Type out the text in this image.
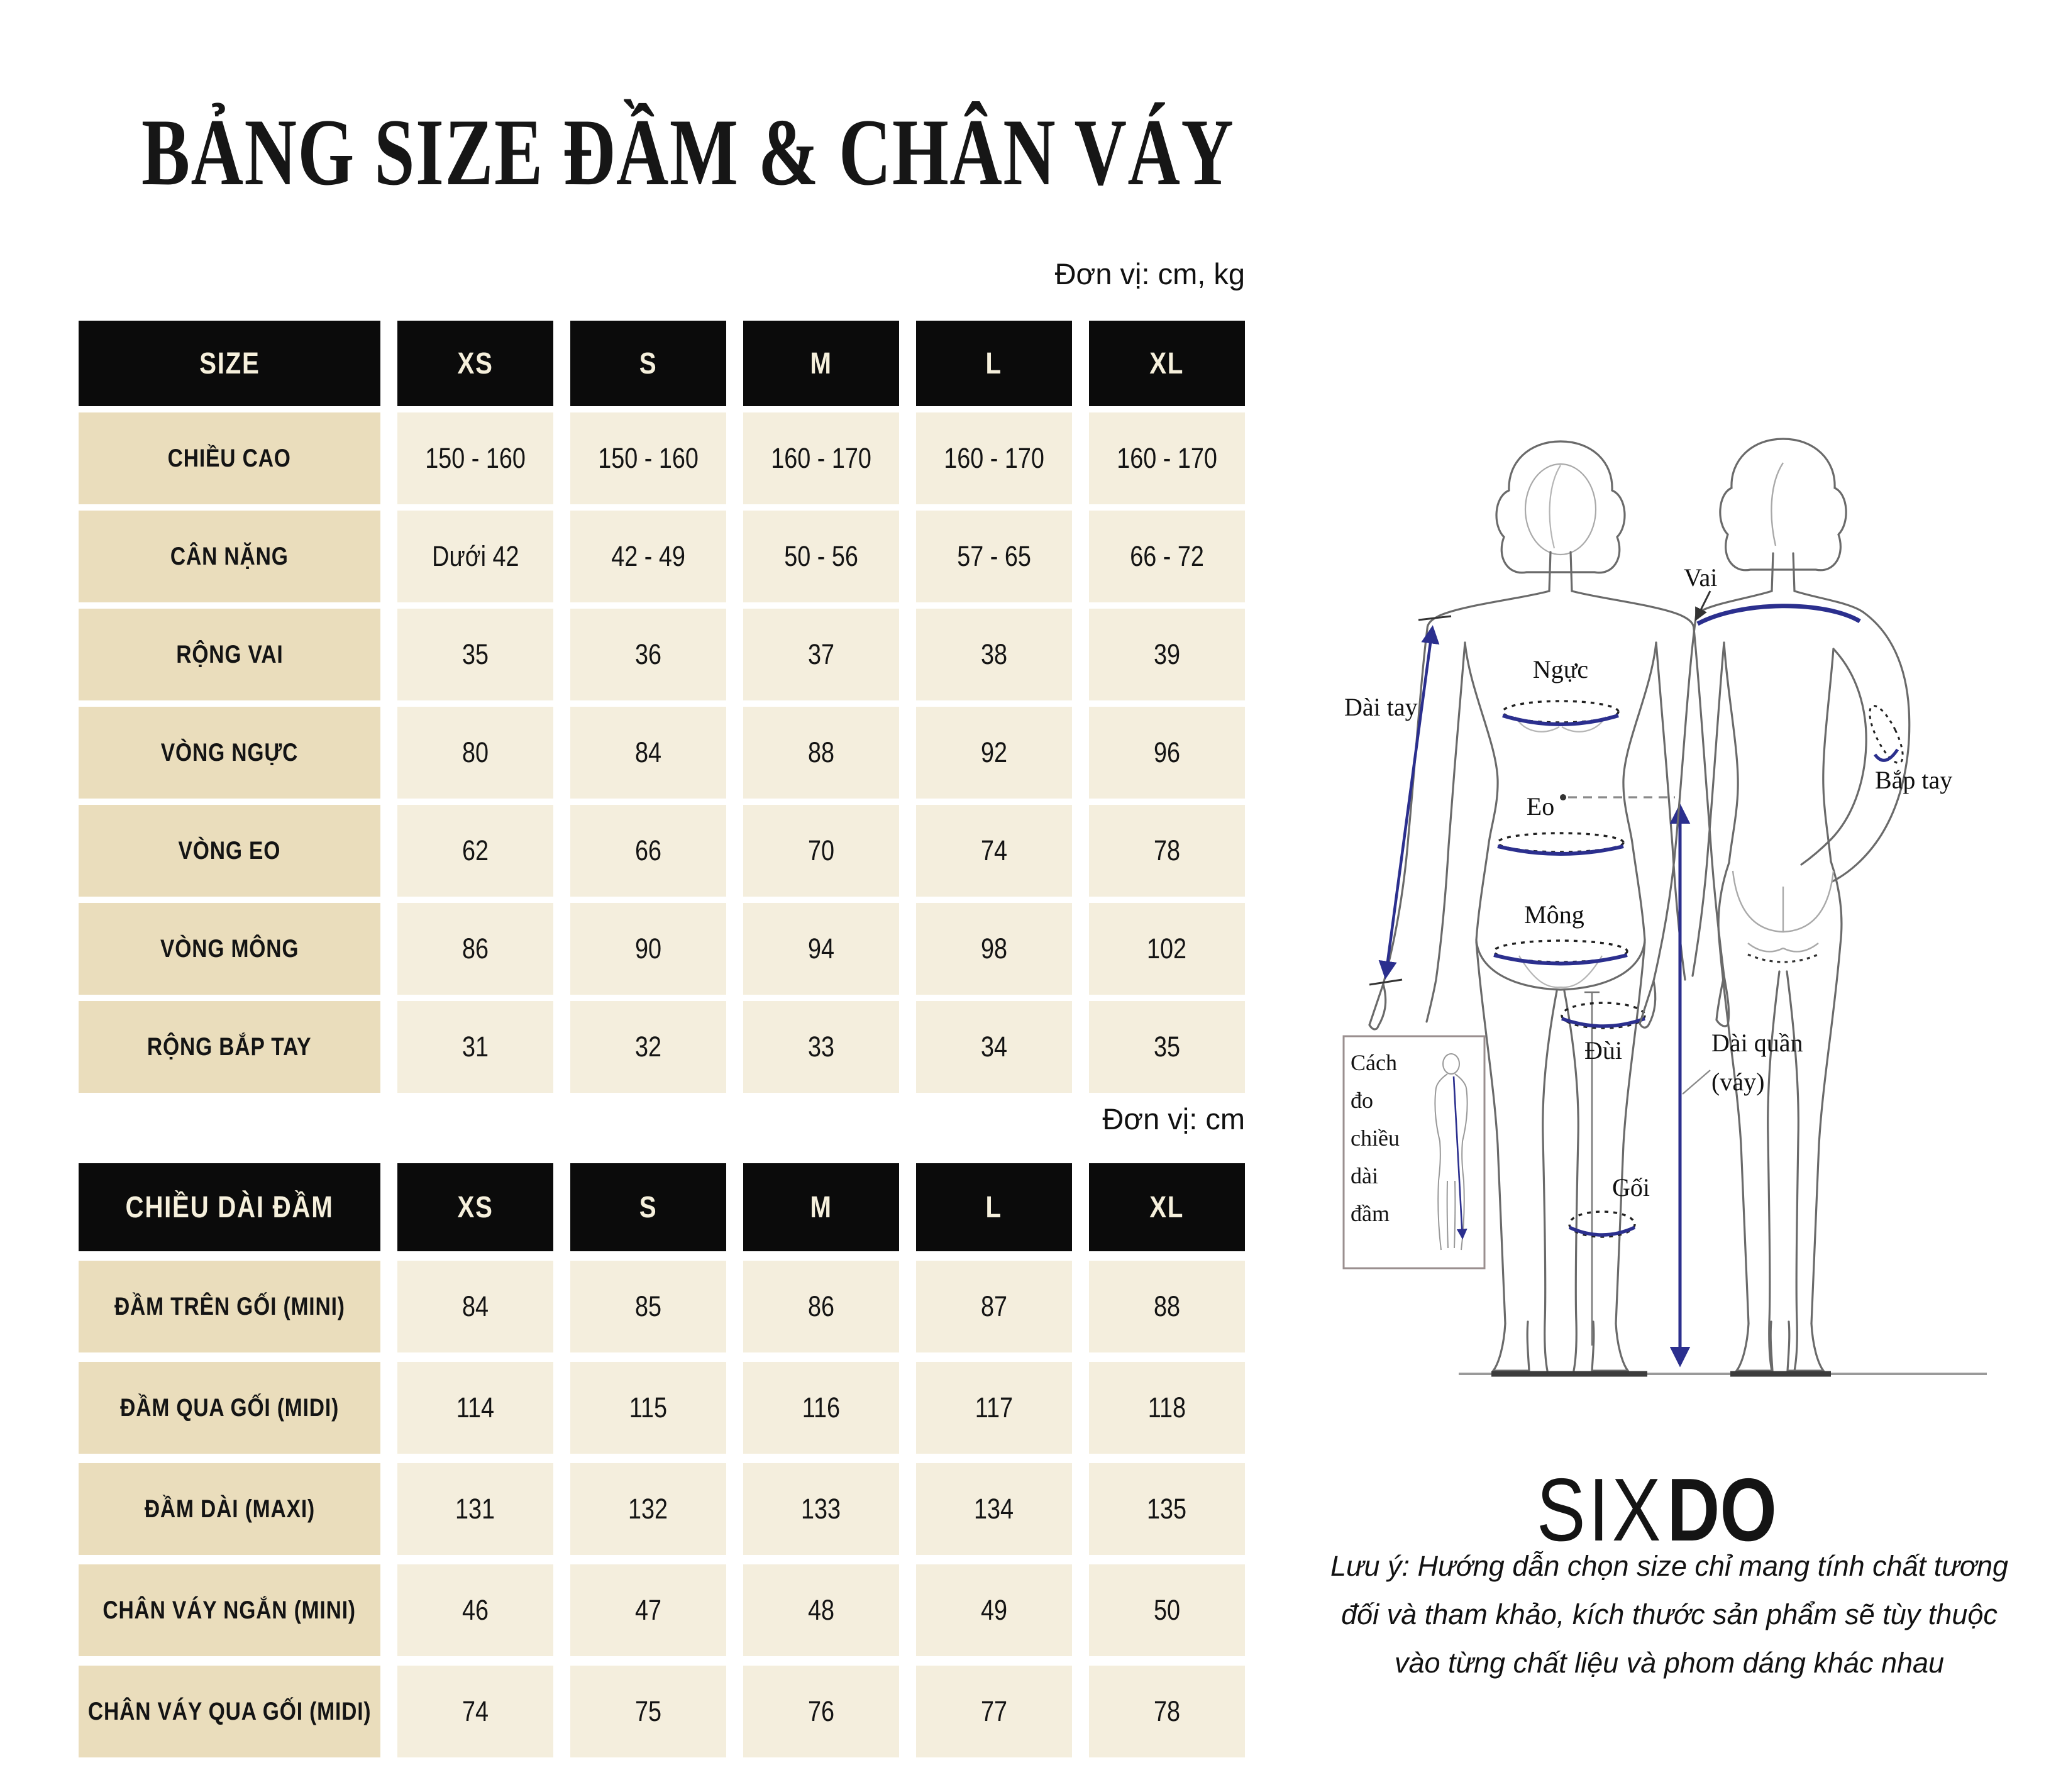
BẢNG SIZE ĐẦM & CHÂN VÁY
Đơn vị: cm, kg
SIZE	XS	S	M	L	XL
CHIỀU CAO	150 - 160	150 - 160	160 - 170	160 - 170	160 - 170
CÂN NẶNG	Dưới 42	42 - 49	50 - 56	57 - 65	66 - 72
RỘNG VAI	35	36	37	38	39
VÒNG NGỰC	80	84	88	92	96
VÒNG EO	62	66	70	74	78
VÒNG MÔNG	86	90	94	98	102
RỘNG BẮP TAY	31	32	33	34	35
Đơn vị: cm
CHIỀU DÀI ĐẦM	XS	S	M	L	XL
ĐẦM TRÊN GỐI (MINI)	84	85	86	87	88
ĐẦM QUA GỐI (MIDI)	114	115	116	117	118
ĐẦM DÀI (MAXI)	131	132	133	134	135
CHÂN VÁY NGẮN (MINI)	46	47	48	49	50
CHÂN VÁY QUA GỐI (MIDI)	74	75	76	77	78
Vai
Dài tay
Ngực
Eo
Mông
Đùi
Gối
Bắp tay
Dài quần
(váy)
Cách
đo
chiều
dài
đầm
SIXDO
Lưu ý: Hướng dẫn chọn size chỉ mang tính chất tương
đối và tham khảo, kích thước sản phẩm sẽ tùy thuộc
vào từng chất liệu và phom dáng khác nhau
